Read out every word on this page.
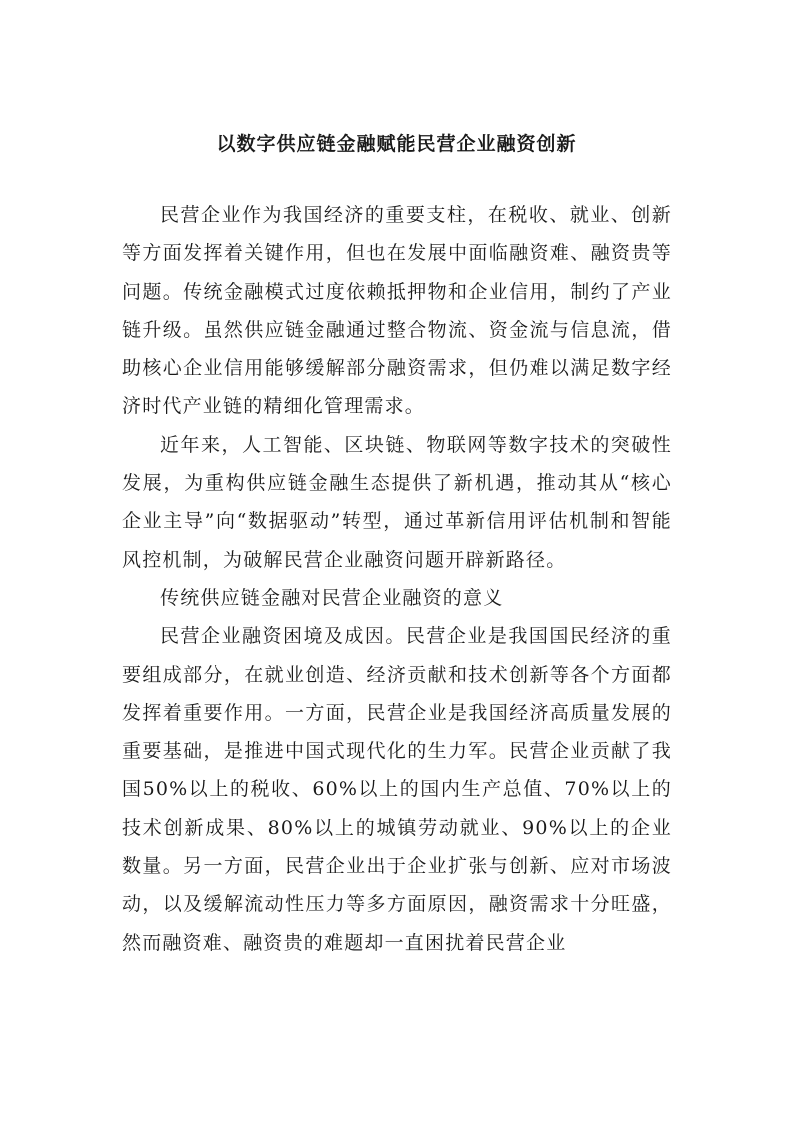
以数字供应链金融赋能民营企业融资创新

民营企业作为我国经济的重要支柱，在税收、就业、创新等方面发挥着关键作用，但也在发展中面临融资难、融资贵等问题。传统金融模式过度依赖抵押物和企业信用，制约了产业链升级。虽然供应链金融通过整合物流、资金流与信息流，借助核心企业信用能够缓解部分融资需求，但仍难以满足数字经济时代产业链的精细化管理需求。

近年来，人工智能、区块链、物联网等数字技术的突破性发展，为重构供应链金融生态提供了新机遇，推动其从“核心企业主导”向“数据驱动”转型，通过革新信用评估机制和智能风控机制，为破解民营企业融资问题开辟新路径。

传统供应链金融对民营企业融资的意义

民营企业融资困境及成因。民营企业是我国国民经济的重要组成部分，在就业创造、经济贡献和技术创新等各个方面都发挥着重要作用。一方面，民营企业是我国经济高质量发展的重要基础，是推进中国式现代化的生力军。民营企业贡献了我国50%以上的税收、60%以上的国内生产总值、70%以上的技术创新成果、80%以上的城镇劳动就业、90%以上的企业数量。另一方面，民营企业出于企业扩张与创新、应对市场波动，以及缓解流动性压力等多方面原因，融资需求十分旺盛，然而融资难、融资贵的难题却一直困扰着民营企业
